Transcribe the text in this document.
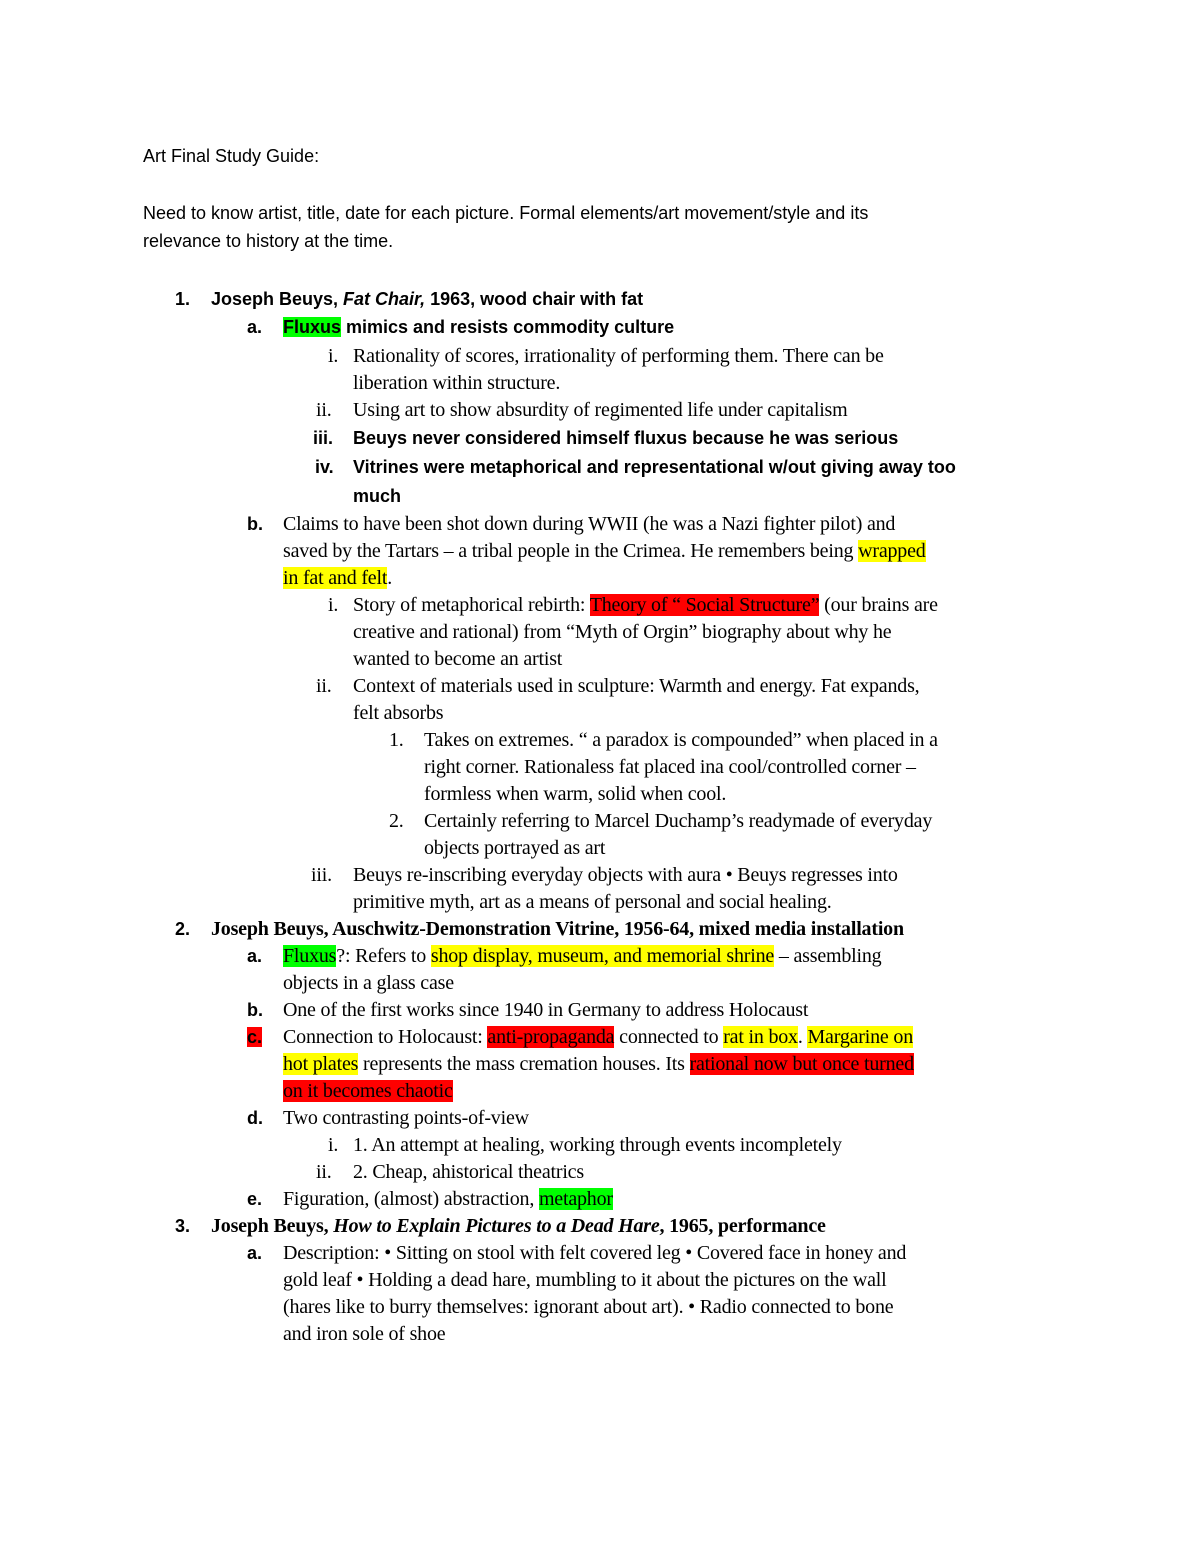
Art Final Study Guide:
Need to know artist, title, date for each picture. Formal elements/art movement/style and its
relevance to history at the time.
1. Joseph Beuys, Fat Chair, 1963, wood chair with fat
a. Fluxus mimics and resists commodity culture
i. Rationality of scores, irrationality of performing them. There can be
liberation within structure.
ii. Using art to show absurdity of regimented life under capitalism
iii. Beuys never considered himself fluxus because he was serious
iv. Vitrines were metaphorical and representational w/out giving away too
much
b. Claims to have been shot down during WWII (he was a Nazi fighter pilot) and
saved by the Tartars – a tribal people in the Crimea. He remembers being wrapped
in fat and felt.
i. Story of metaphorical rebirth: Theory of “ Social Structure” (our brains are
creative and rational) from “Myth of Orgin” biography about why he
wanted to become an artist
ii. Context of materials used in sculpture: Warmth and energy. Fat expands,
felt absorbs
1. Takes on extremes. “ a paradox is compounded” when placed in a
right corner. Rationaless fat placed ina cool/controlled corner –
formless when warm, solid when cool.
2. Certainly referring to Marcel Duchamp’s readymade of everyday
objects portrayed as art
iii. Beuys re-inscribing everyday objects with aura • Beuys regresses into
primitive myth, art as a means of personal and social healing.
2. Joseph Beuys, Auschwitz-Demonstration Vitrine, 1956-64, mixed media installation
a. Fluxus?: Refers to shop display, museum, and memorial shrine – assembling
objects in a glass case
b. One of the first works since 1940 in Germany to address Holocaust
c. Connection to Holocaust: anti-propaganda connected to rat in box. Margarine on
hot plates represents the mass cremation houses. Its rational now but once turned
on it becomes chaotic
d. Two contrasting points-of-view
i. 1. An attempt at healing, working through events incompletely
ii. 2. Cheap, ahistorical theatrics
e. Figuration, (almost) abstraction, metaphor
3. Joseph Beuys, How to Explain Pictures to a Dead Hare, 1965, performance
a. Description: • Sitting on stool with felt covered leg • Covered face in honey and
gold leaf • Holding a dead hare, mumbling to it about the pictures on the wall
(hares like to burry themselves: ignorant about art). • Radio connected to bone
and iron sole of shoe
